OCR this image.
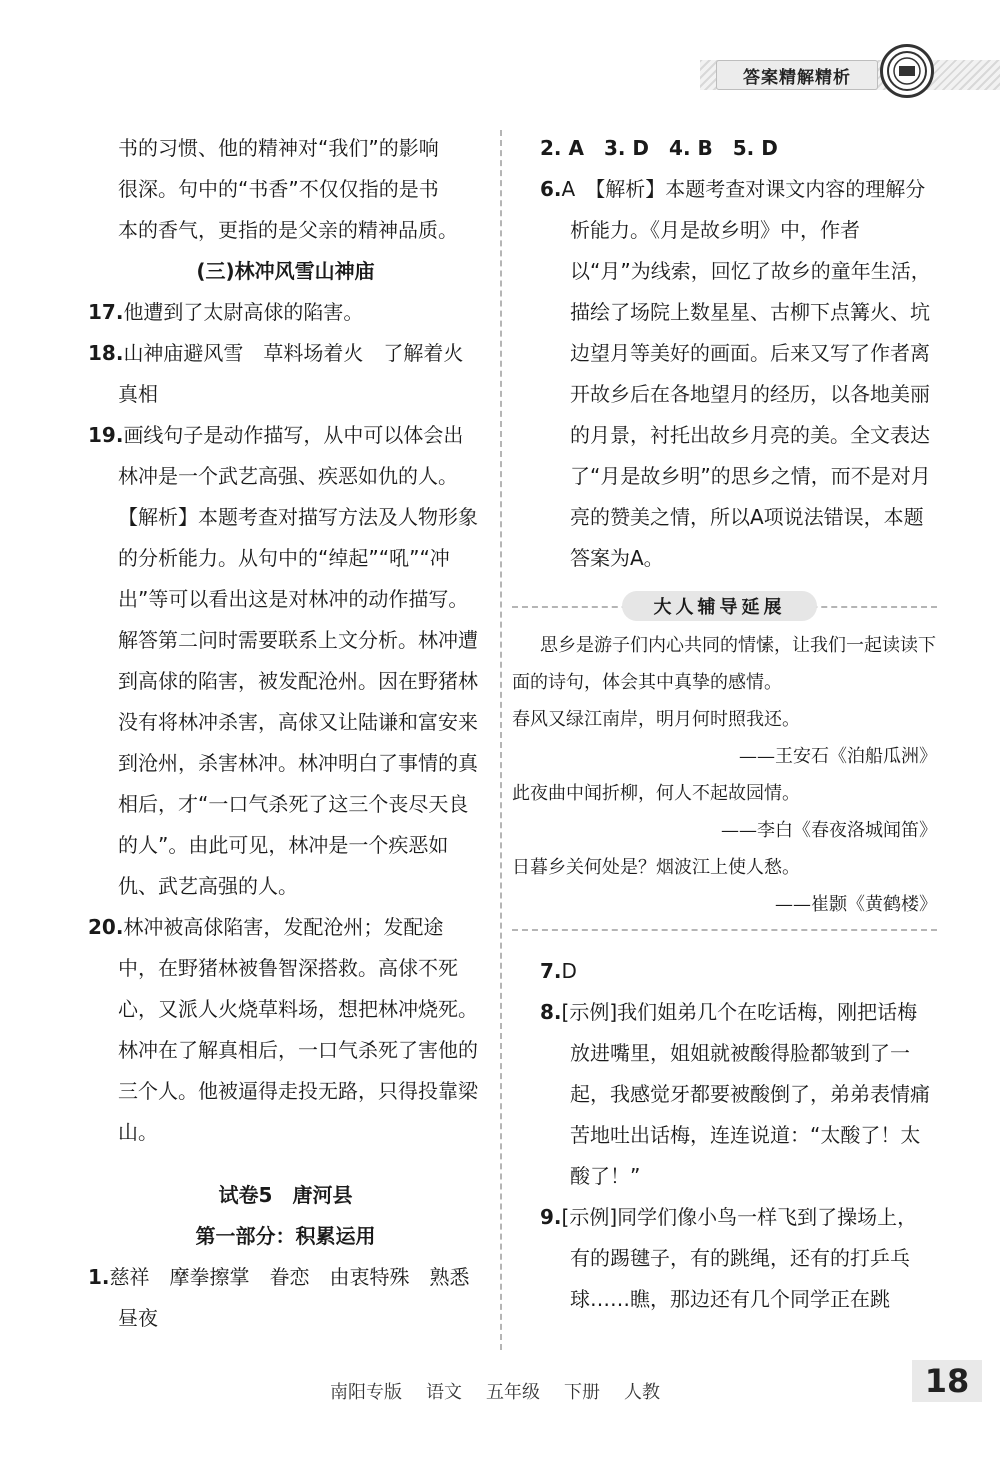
答案精解精析

书的习惯、他的精神对“我们”的影响

很深。句中的“书香”不仅仅指的是书

本的香气，更指的是父亲的精神品质。

(三)林冲风雪山神庙

17.他遭到了太尉高俅的陷害。

18.山神庙避风雪　草料场着火　了解着火真相

19.画线句子是动作描写，从中可以体会出林冲是一个武艺高强、疾恶如仇的人。　【解析】本题考查对描写方法及人物形象的分析能力。从句中的“绰起”“吼”“冲出”等可以看出这是对林冲的动作描写。解答第二问时需要联系上文分析。林冲遭到高俅的陷害，被发配沧州。因在野猪林没有将林冲杀害，高俅又让陆谦和富安来到沧州，杀害林冲。林冲明白了事情的真相后，才“一口气杀死了这三个丧尽天良的人”。由此可见，林冲是一个疾恶如仇、武艺高强的人。

20.林冲被高俅陷害，发配沧州；发配途中，在野猪林被鲁智深搭救。高俅不死心，又派人火烧草料场，想把林冲烧死。林冲在了解真相后，一口气杀死了害他的三个人。他被逼得走投无路，只得投靠梁山。

试卷5　唐河县

第一部分：积累运用

1.慈祥　摩拳擦掌　眷恋　由衷特殊　熟悉　昼夜

2. A　3. D　4. B　5. D

6.A　【解析】本题考查对课文内容的理解分析能力。《月是故乡明》中，作者以“月”为线索，回忆了故乡的童年生活，描绘了场院上数星星、古柳下点篝火、坑边望月等美好的画面。后来又写了作者离开故乡后在各地望月的经历，以各地美丽的月景，衬托出故乡月亮的美。全文表达了“月是故乡明”的思乡之情，而不是对月亮的赞美之情，所以A项说法错误，本题答案为A。

大人辅导延展

思乡是游子们内心共同的情愫，让我们一起读读下面的诗句，体会其中真挚的感情。

春风又绿江南岸，明月何时照我还。

——王安石《泊船瓜洲》

此夜曲中闻折柳，何人不起故园情。

——李白《春夜洛城闻笛》

日暮乡关何处是？烟波江上使人愁。

——崔颢《黄鹤楼》

7.D

8.[示例]我们姐弟几个在吃话梅，刚把话梅放进嘴里，姐姐就被酸得脸都皱到了一起，我感觉牙都要被酸倒了，弟弟表情痛苦地吐出话梅，连连说道：“太酸了！太酸了！”

9.[示例]同学们像小鸟一样飞到了操场上，有的踢毽子，有的跳绳，还有的打乒乓球……瞧，那边还有几个同学正在跳

南阳专版 语文 五年级 下册 人教	18
